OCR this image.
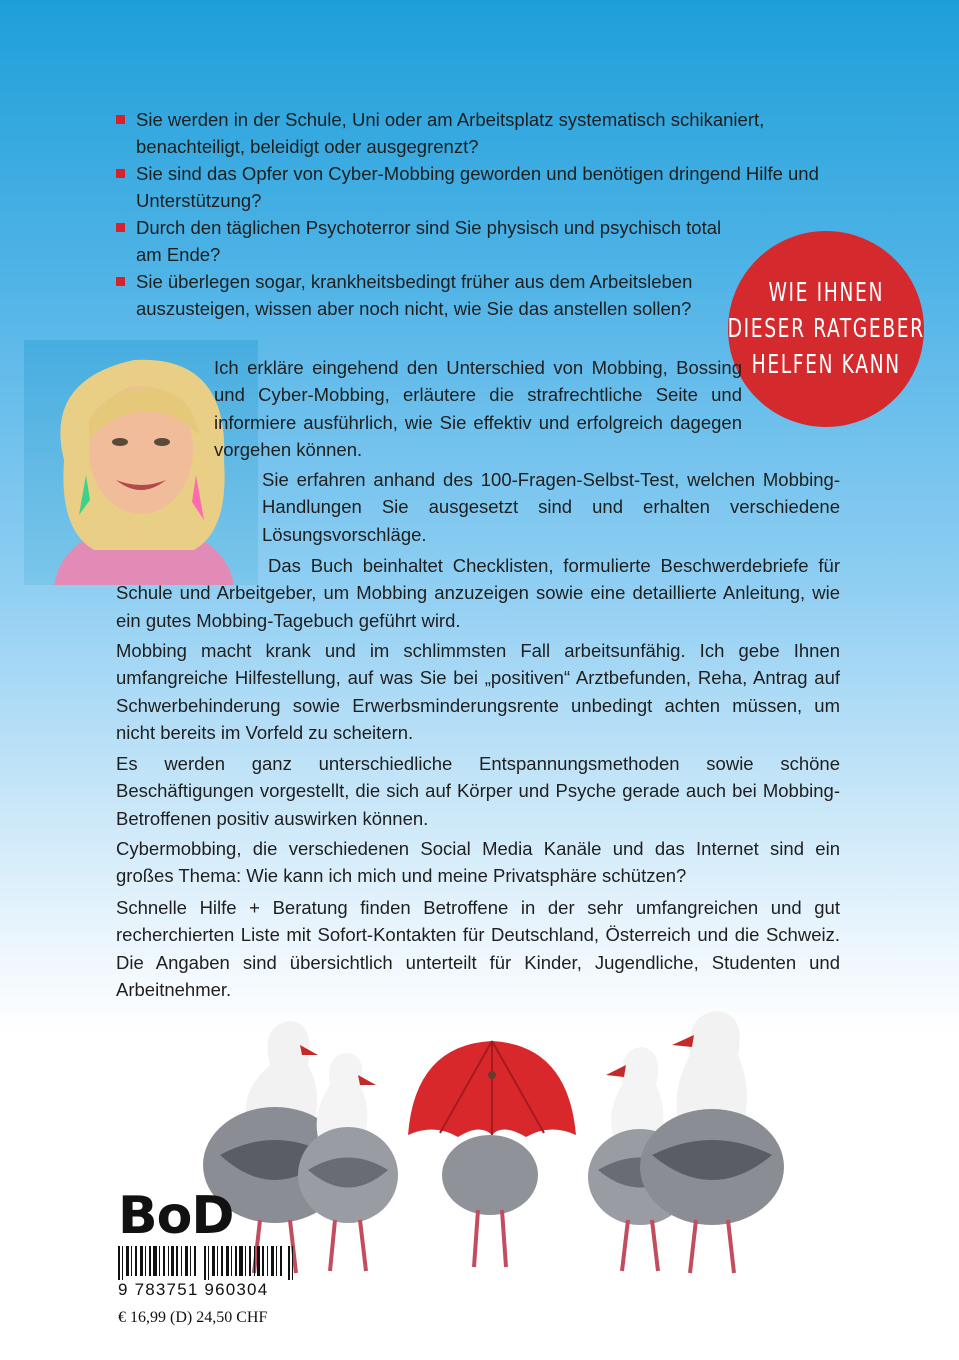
Sie werden in der Schule, Uni oder am Arbeitsplatz systematisch schikaniert, benachteiligt, beleidigt oder ausgegrenzt?
Sie sind das Opfer von Cyber-Mobbing geworden und benötigen dringend Hilfe und Unterstützung?
Durch den täglichen Psychoterror sind Sie physisch und psychisch total am Ende?
Sie überlegen sogar, krankheitsbedingt früher aus dem Arbeitsleben auszusteigen, wissen aber noch nicht, wie Sie das anstellen sollen?
WIE IHNEN
DIESER RATGEBER
HELFEN KANN

Ich erkläre eingehend den Unterschied von Mobbing, Bossing und Cyber-Mobbing, erläutere die strafrechtliche Seite und informiere ausführlich, wie Sie effektiv und erfolgreich dagegen vorgehen können.

Sie erfahren anhand des 100-Fragen-Selbst-Test, welchen Mobbing-Handlungen Sie ausgesetzt sind und erhalten verschiedene Lösungsvorschläge.

Das Buch beinhaltet Checklisten, formulierte Beschwerdebriefe für Schule und Arbeitgeber, um Mobbing anzuzeigen sowie eine detaillierte Anleitung, wie ein gutes Mobbing-Tagebuch geführt wird.

Mobbing macht krank und im schlimmsten Fall arbeitsunfähig. Ich gebe Ihnen umfangreiche Hilfestellung, auf was Sie bei „positiven“ Arztbefunden, Reha, Antrag auf Schwerbehinderung sowie Erwerbsminderungsrente unbedingt achten müssen, um nicht bereits im Vorfeld zu scheitern.

Es werden ganz unterschiedliche Entspannungsmethoden sowie schöne Beschäftigungen vorgestellt, die sich auf Körper und Psyche gerade auch bei Mobbing-Betroffenen positiv auswirken können.

Cybermobbing, die verschiedenen Social Media Kanäle und das Internet sind ein großes Thema: Wie kann ich mich und meine Privatsphäre schützen?

Schnelle Hilfe + Beratung finden Betroffene in der sehr umfangreichen und gut recherchierten Liste mit Sofort-Kontakten für Deutschland, Österreich und die Schweiz. Die Angaben sind übersichtlich unterteilt für Kinder, Jugendliche, Studenten und Arbeitnehmer.

BoD
9 783751 960304
€ 16,99 (D) 24,50 CHF
